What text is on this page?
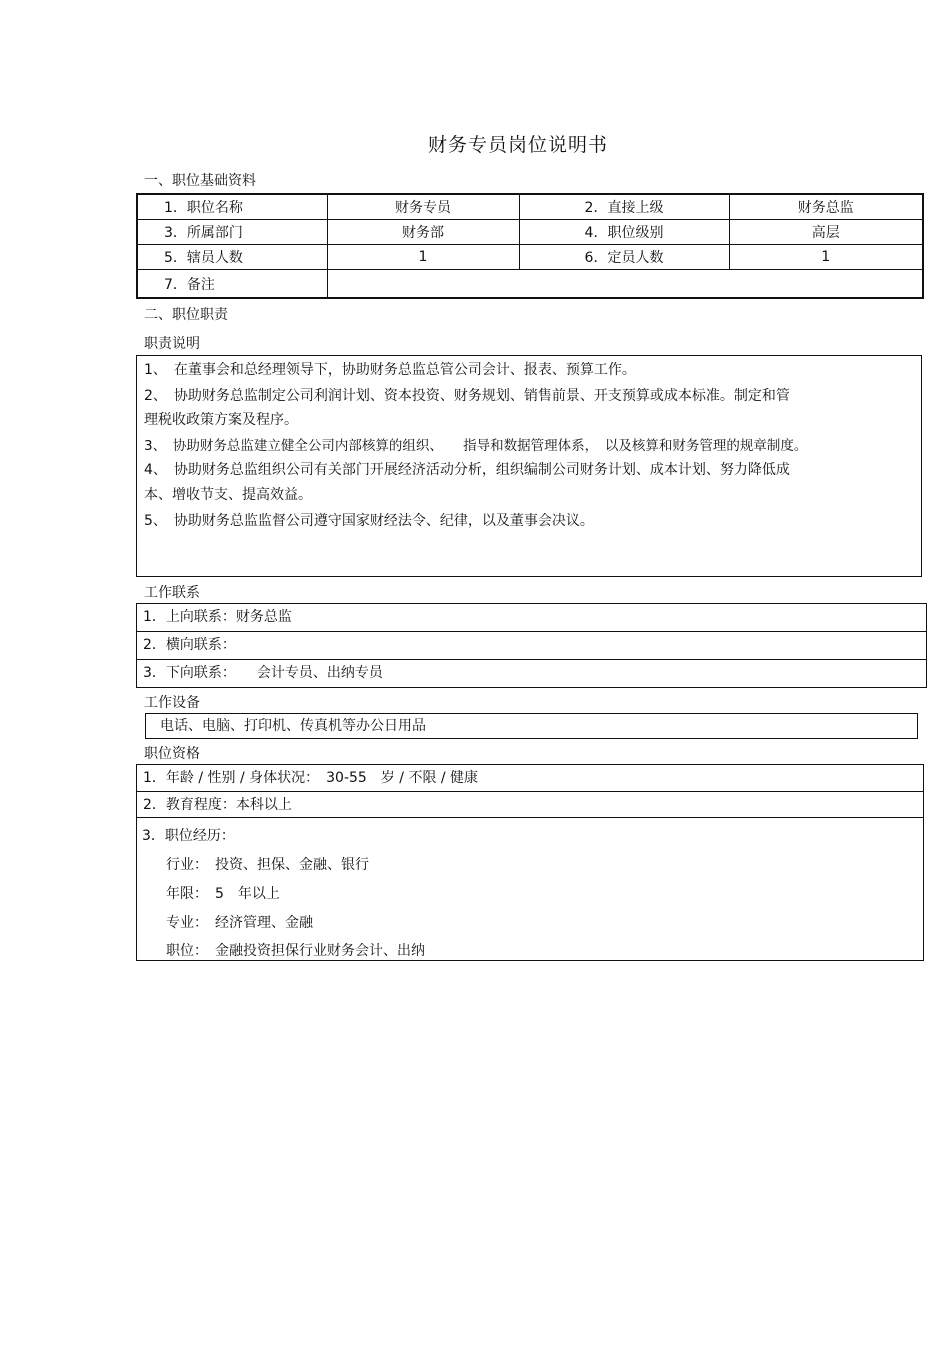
财务专员岗位说明书
一、职位基础资料
1．职位名称	财务专员	2．直接上级	财务总监
3．所属部门	财务部	4．职位级别	高层
5．辖员人数	1	6．定员人数	1
7．备注			
二、职位职责
职责说明
1、　在董事会和总经理领导下，协助财务总监总管公司会计、报表、预算工作。
2、　协助财务总监制定公司利润计划、资本投资、财务规划、销售前景、开支预算或成本标准。制定和管
理税收政策方案及程序。
3、　协助财务总监建立健全公司内部核算的组织、　　指导和数据管理体系，　以及核算和财务管理的规章制度。
4、　协助财务总监组织公司有关部门开展经济活动分析，组织编制公司财务计划、成本计划、努力降低成
本、增收节支、提高效益。
5、　协助财务总监监督公司遵守国家财经法令、纪律，以及董事会决议。
工作联系
1．上向联系：财务总监
2．横向联系：
3．下向联系：　　会计专员、出纳专员
工作设备
电话、电脑、打印机、传真机等办公日用品
职位资格
1．年龄 / 性别 / 身体状况：　30-55　岁 / 不限 / 健康
2．教育程度：本科以上
3．职位经历：
行业：　投资、担保、金融、银行
年限：　5　年以上
专业：　经济管理、金融
职位：　金融投资担保行业财务会计、出纳
